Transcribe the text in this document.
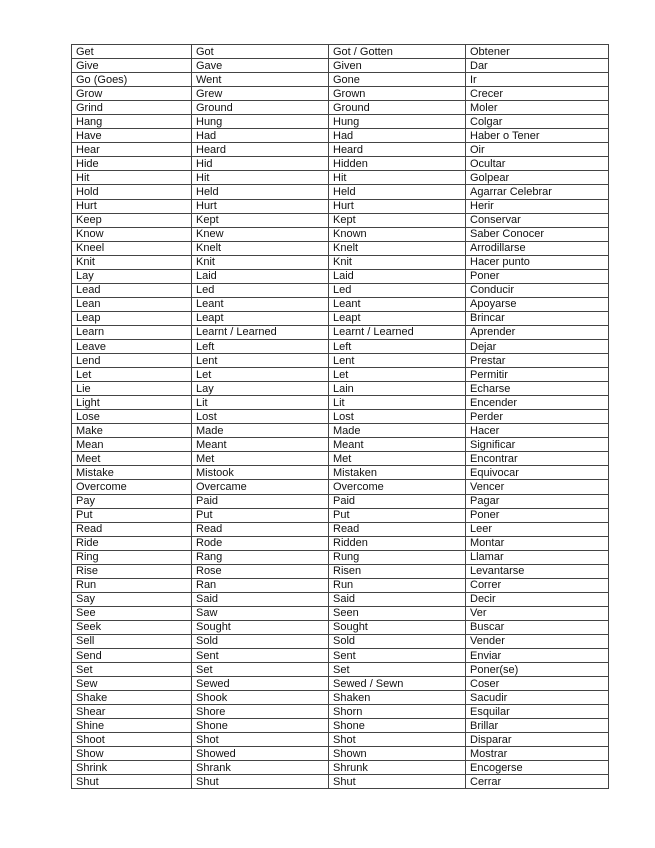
Get	Got	Got / Gotten	Obtener
Give	Gave	Given	Dar
Go (Goes)	Went	Gone	Ir
Grow	Grew	Grown	Crecer
Grind	Ground	Ground	Moler
Hang	Hung	Hung	Colgar
Have	Had	Had	Haber o Tener
Hear	Heard	Heard	Oir
Hide	Hid	Hidden	Ocultar
Hit	Hit	Hit	Golpear
Hold	Held	Held	Agarrar Celebrar
Hurt	Hurt	Hurt	Herir
Keep	Kept	Kept	Conservar
Know	Knew	Known	Saber Conocer
Kneel	Knelt	Knelt	Arrodillarse
Knit	Knit	Knit	Hacer punto
Lay	Laid	Laid	Poner
Lead	Led	Led	Conducir
Lean	Leant	Leant	Apoyarse
Leap	Leapt	Leapt	Brincar
Learn	Learnt / Learned	Learnt / Learned	Aprender
Leave	Left	Left	Dejar
Lend	Lent	Lent	Prestar
Let	Let	Let	Permitir
Lie	Lay	Lain	Echarse
Light	Lit	Lit	Encender
Lose	Lost	Lost	Perder
Make	Made	Made	Hacer
Mean	Meant	Meant	Significar
Meet	Met	Met	Encontrar
Mistake	Mistook	Mistaken	Equivocar
Overcome	Overcame	Overcome	Vencer
Pay	Paid	Paid	Pagar
Put	Put	Put	Poner
Read	Read	Read	Leer
Ride	Rode	Ridden	Montar
Ring	Rang	Rung	Llamar
Rise	Rose	Risen	Levantarse
Run	Ran	Run	Correr
Say	Said	Said	Decir
See	Saw	Seen	Ver
Seek	Sought	Sought	Buscar
Sell	Sold	Sold	Vender
Send	Sent	Sent	Enviar
Set	Set	Set	Poner(se)
Sew	Sewed	Sewed / Sewn	Coser
Shake	Shook	Shaken	Sacudir
Shear	Shore	Shorn	Esquilar
Shine	Shone	Shone	Brillar
Shoot	Shot	Shot	Disparar
Show	Showed	Shown	Mostrar
Shrink	Shrank	Shrunk	Encogerse
Shut	Shut	Shut	Cerrar
